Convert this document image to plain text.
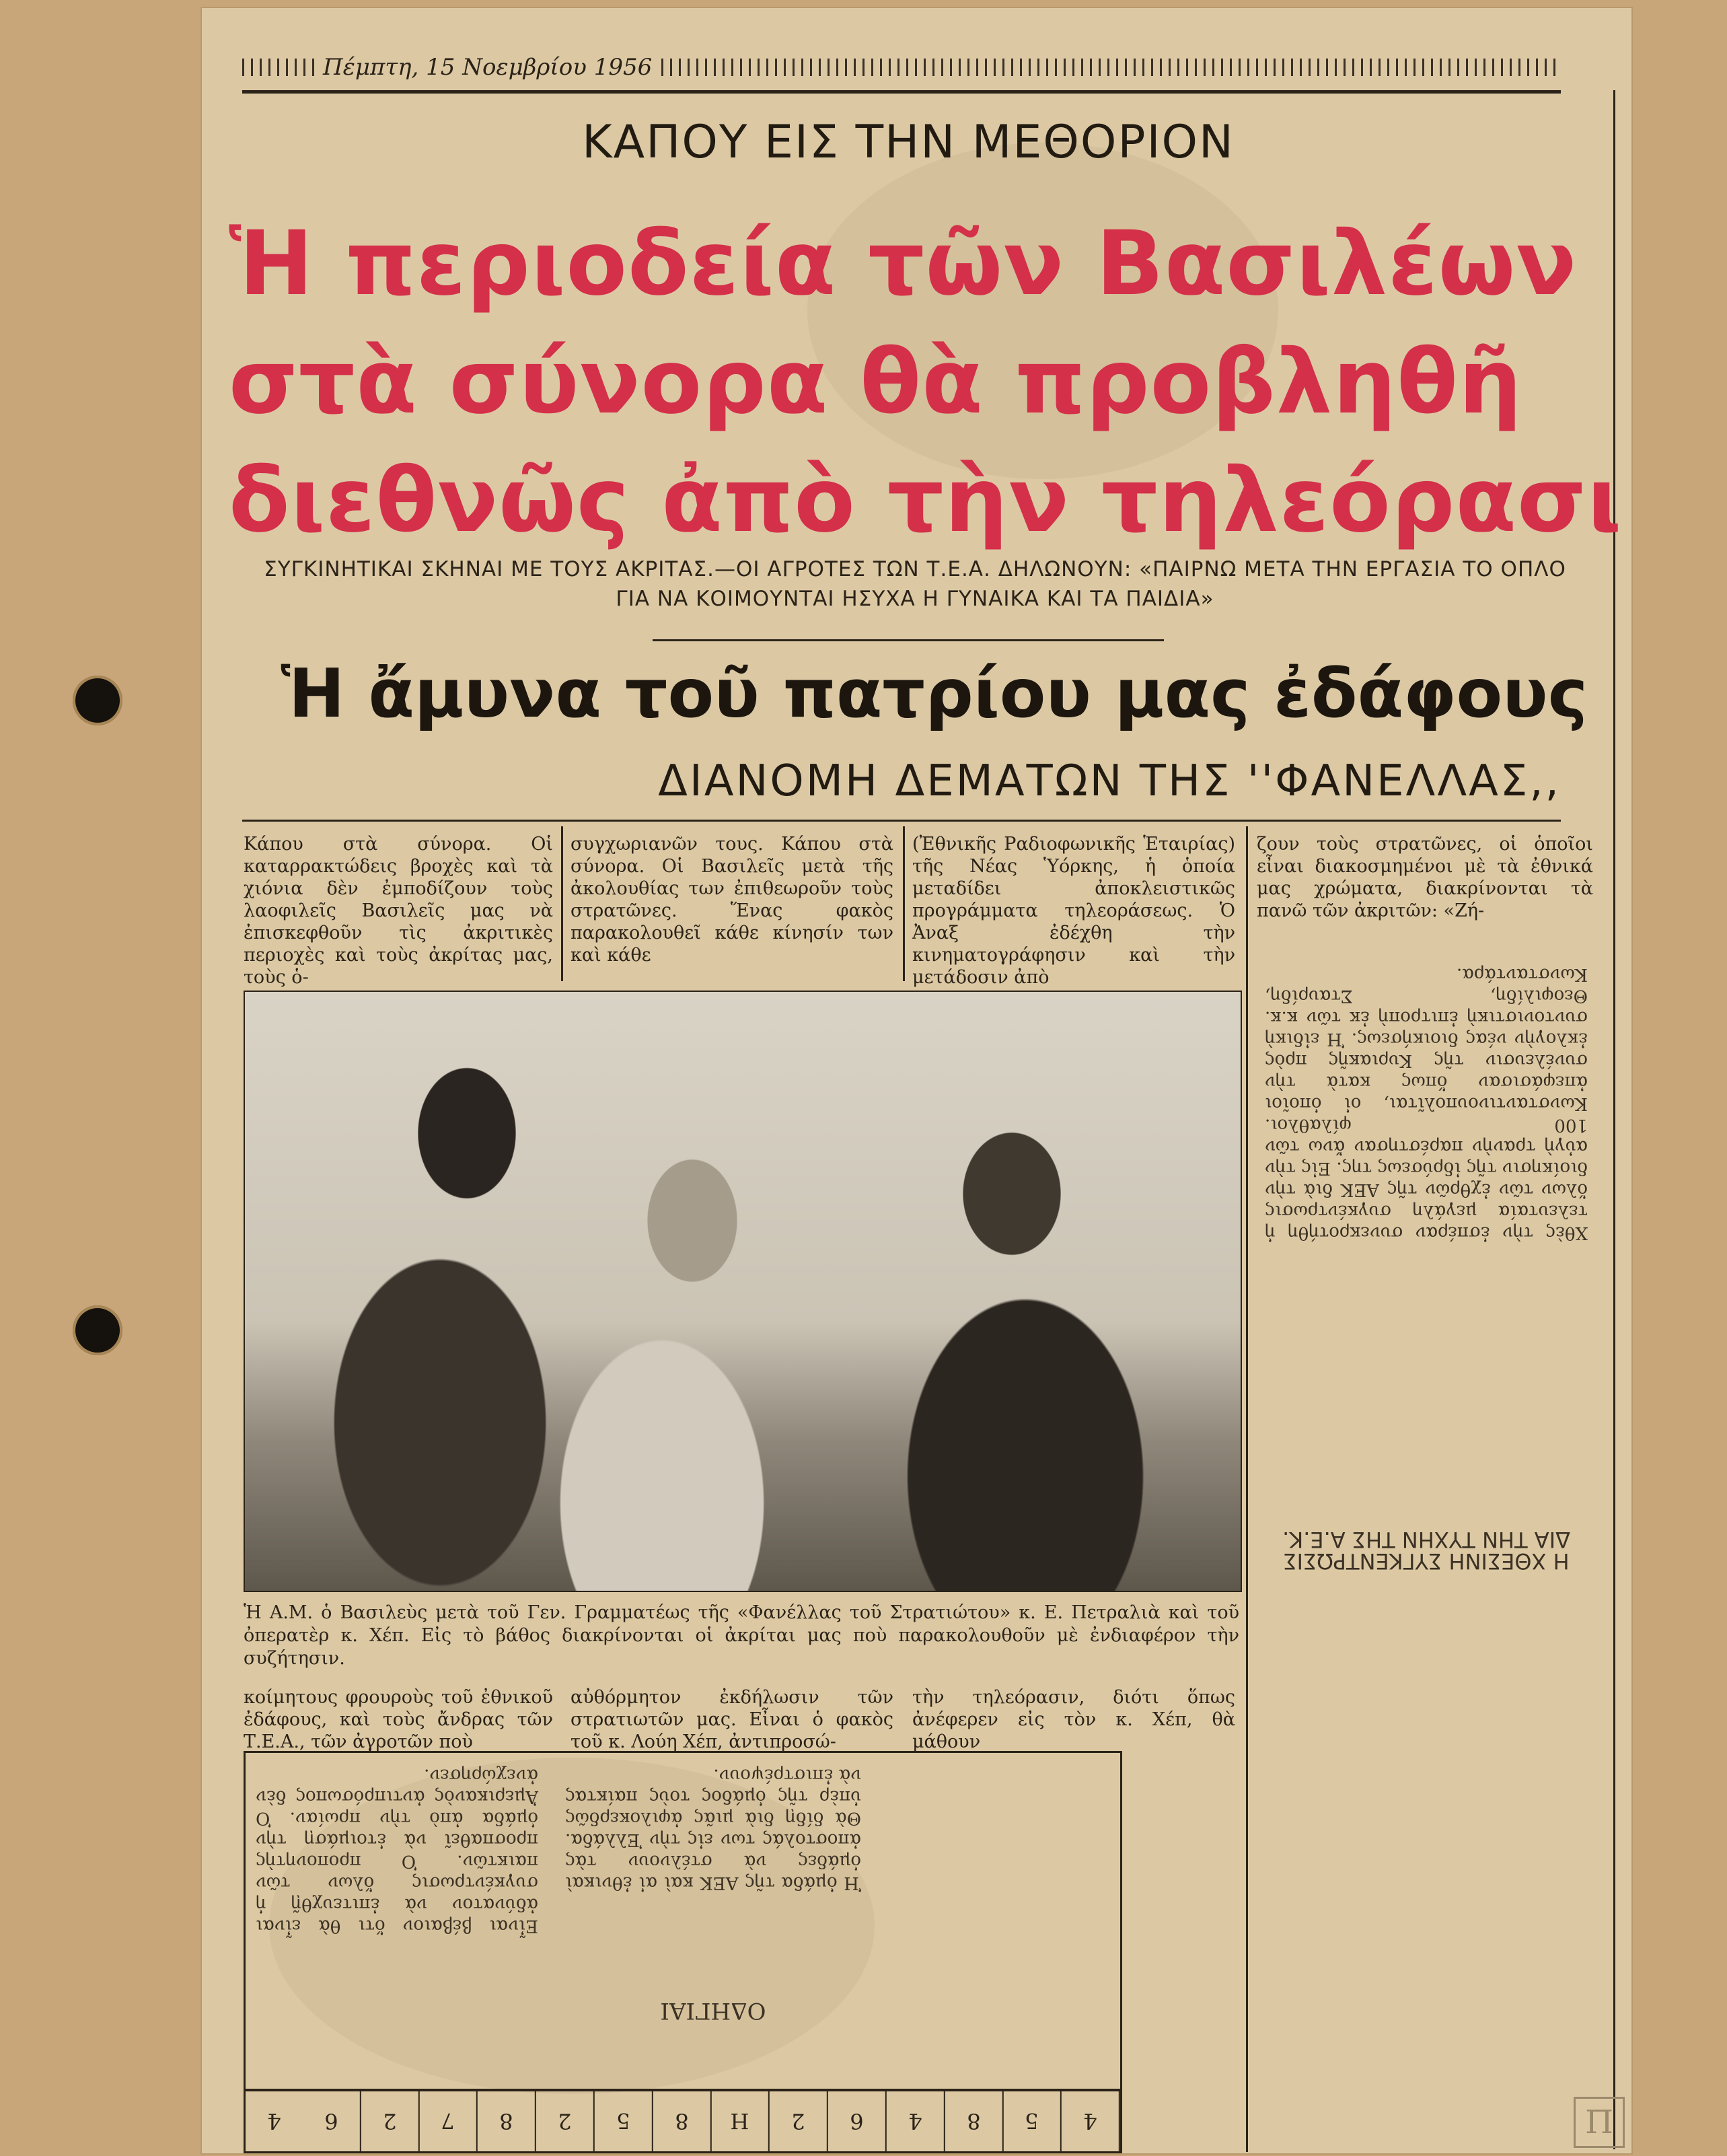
Πέμπτη, 15 Νοεμβρίου 1956
ΚΑΠΟΥ ΕΙΣ ΤΗΝ ΜΕΘΟΡΙΟΝ
Ἡ περιοδεία τῶν Βασιλέων
στὰ σύνορα θὰ προβληθῆ
διεθνῶς ἀπὸ τὴν τηλεόρασι
ΣΥΓΚΙΝΗΤΙΚΑΙ ΣΚΗΝΑΙ ΜΕ ΤΟΥΣ ΑΚΡΙΤΑΣ.—ΟΙ ΑΓΡΟΤΕΣ ΤΩΝ Τ.Ε.Α. ΔΗΛΩΝΟΥΝ: «ΠΑΙΡΝΩ ΜΕΤΑ ΤΗΝ ΕΡΓΑΣΙΑ ΤΟ ΟΠΛΟ ΓΙΑ ΝΑ ΚΟΙΜΟΥΝΤΑΙ ΗΣΥΧΑ Η ΓΥΝΑΙΚΑ ΚΑΙ ΤΑ ΠΑΙΔΙΑ»
Ἡ ἄμυνα τοῦ πατρίου μας ἐδάφους
ΔΙΑΝΟΜΗ ΔΕΜΑΤΩΝ ΤΗΣ ''ΦΑΝΕΛΛΑΣ,,
Κάπου στὰ σύνορα. Οἱ καταρρακτώδεις βροχὲς καὶ τὰ χιόνια δὲν ἐμποδίζουν τοὺς λαοφιλεῖς Βασιλεῖς μας νὰ ἐπισκεφθοῦν τὶς ἀκριτικὲς περιοχὲς καὶ τοὺς ἀκρίτας μας, τοὺς ὁ-
συγχωριανῶν τους. Κάπου στὰ σύνορα. Οἱ Βασιλεῖς μετὰ τῆς ἀκολουθίας των ἐπιθεωροῦν τοὺς στρατῶνες. Ἕνας φακὸς παρακολουθεῖ κάθε κίνησίν των καὶ κάθε
(Ἐθνικῆς Ραδιοφωνικῆς Ἑταιρίας) τῆς Νέας Ὑόρκης, ἡ ὁποία μεταδίδει ἀποκλειστικῶς προγράμματα τηλεοράσεως. Ὁ Ἀναξ ἐδέχθη τὴν κινηματογράφησιν καὶ τὴν μετάδοσιν ἀπὸ
ζουν τοὺς στρατῶνες, οἱ ὁποῖοι εἶναι διακοσμημένοι μὲ τὰ ἐθνικά μας χρώματα, διακρίνονται τὰ πανῶ τῶν ἀκριτῶν: «Ζή-
Ἡ Α.Μ. ὁ Βασιλεὺς μετὰ τοῦ Γεν. Γραμματέως τῆς «Φανέλλας τοῦ Στρατιώτου» κ. Ε. Πετραλιὰ καὶ τοῦ ὀπερατὲρ κ. Χέπ. Εἰς τὸ βάθος διακρίνονται οἱ ἀκρίται μας ποὺ παρακολουθοῦν μὲ ἐνδιαφέρον τὴν συζήτησιν.
κοίμητους φρουροὺς τοῦ ἐθνικοῦ ἐδάφους, καὶ τοὺς ἄνδρας τῶν Τ.Ε.Α., τῶν ἀγροτῶν ποὺ
αὐθόρμητον ἐκδήλωσιν τῶν στρατιωτῶν μας. Εἶναι ὁ φακὸς τοῦ κ. Λούη Χέπ, ἀντιπροσώ-
τὴν τηλεόρασιν, διότι ὅπως ἀνέφερεν εἰς τὸν κ. Χέπ, θὰ μάθουν
Εἶναι βέβαιον ὅτι θὰ εἶναι ἀδύνατον νὰ ἐπιτευχθῇ ἡ συγκέντρωσις ὅλων τῶν παικτῶν. Ὁ προπονητὴς προσπαθεῖ νὰ ἑτοιμάσῃ τὴν ὁμάδα ἀπὸ τὴν πρωίαν. Ὁ Ἀμερικανὸς ἀντιπρόσωπος δὲν ἀνεχώρησεν.
Ἡ ὁμάδα τῆς ΑΕΚ καὶ αἱ ἐθνικαὶ ὁμάδες νὰ στέλνουν τὰς ἀποστολάς των εἰς τὴν Ἐλλάδα. Θὰ δίδῃ διὰ μιᾶς ἀφιλοκερδῶς ὑπὲρ τῆς ὁμάδος τοὺς παίκτας νὰ ἐπιστρέψουν.
ΟΔΗΓΙΑΙ
Η ΧΘΕΣΙΝΗ ΣΥΓΚΕΝΤΡΩΣΙΣ ΔΙΑ ΤΗΝ ΤΥΧΗΝ ΤΗΣ Α.Ε.Κ.
Χθὲς τὴν ἑσπέραν συνεκροτήθη ἡ τελευταία μεγάλη συγκέντρωσις ὅλων τῶν ἐχθρῶν τῆς ΑΕΚ διὰ τὴν διοίκησιν τῆς ἰδρύσεως της. Εἰς τὴν αὐγὴ τρανὴν παρέστησαν ἄνω τῶν 100 φίλαθλοι. Κωνσταντινουπολῖται, οἱ ὁποῖοι ἀπεφάσισαν ὅπως κατὰ τὴν συνέλευσιν τῆς Κυριακῆς πρὸς ἐκλογὴν νέας διοικήσεως. Ἡ εἰδικὴ συντονιστικὴ ἐπιτροπὴ ἐκ τῶν κ.κ. Θεοφιλίδη, Σταυρίδη, Κωνσταντάρα.
4	6	2	7	8	2	5	8	Η	2	6	4	8	5	4	Π
